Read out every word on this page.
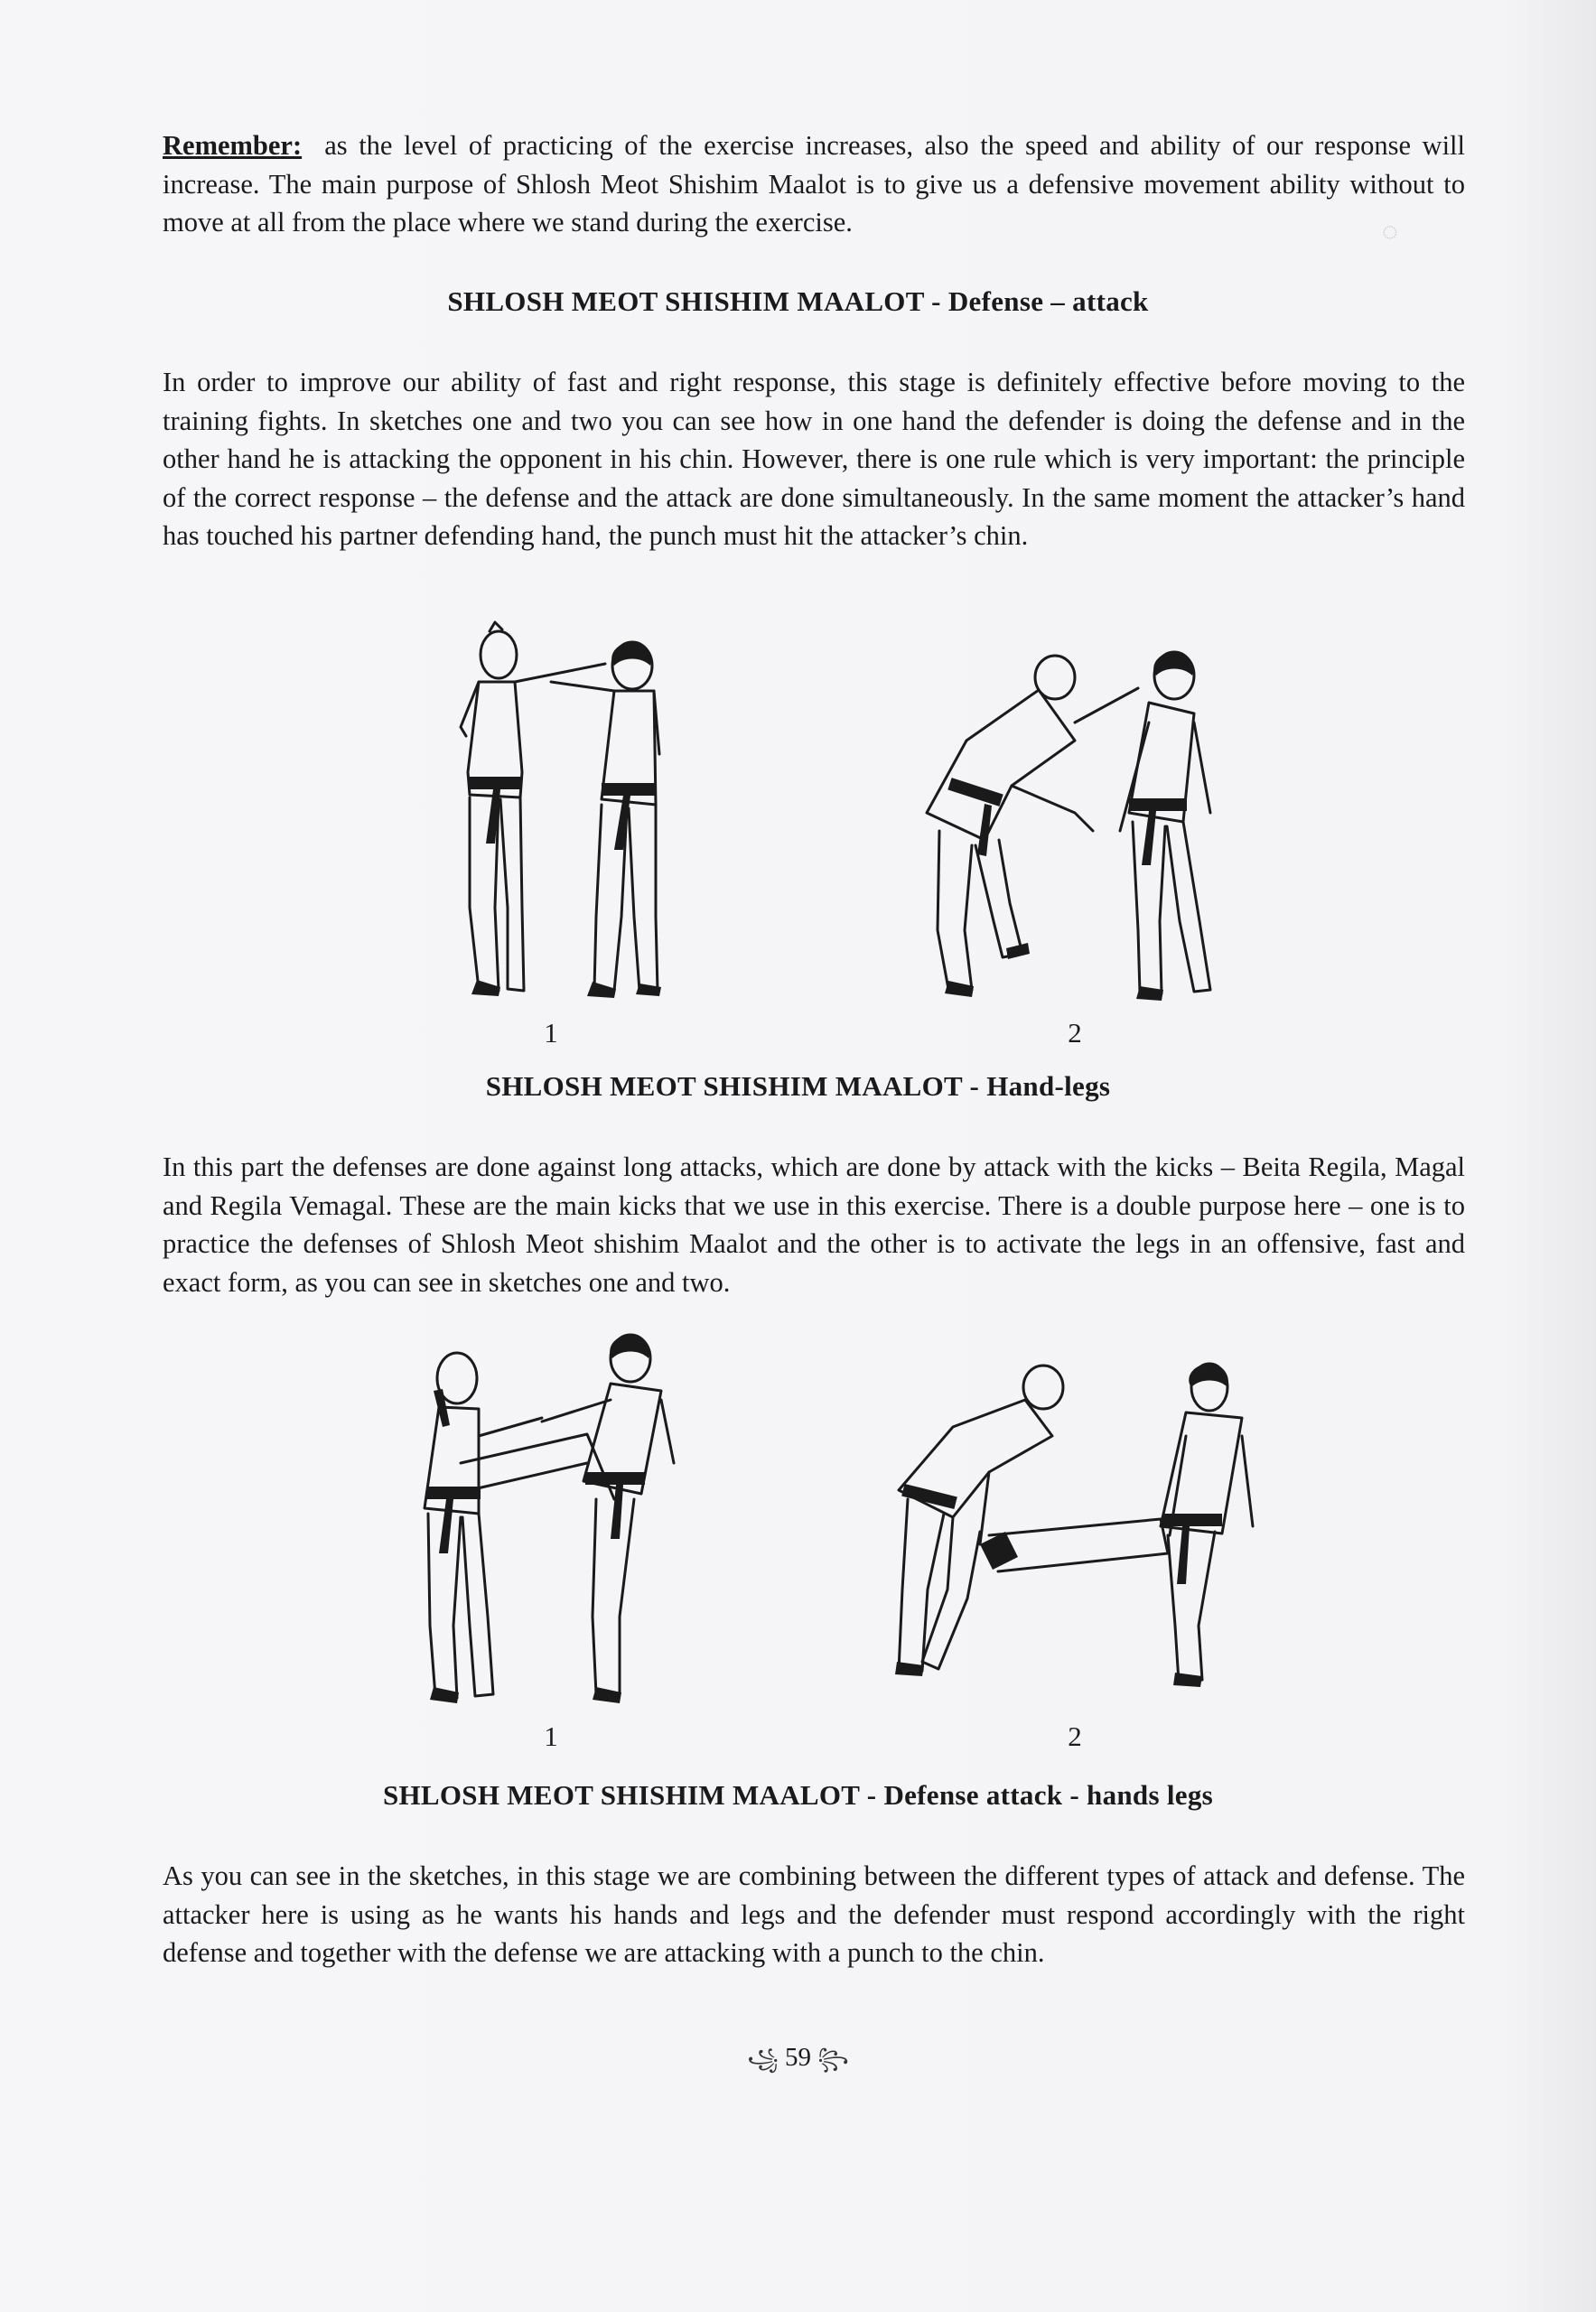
◌

Remember: as the level of practicing of the exercise increases, also the speed and ability of our response will increase. The main purpose of Shlosh Meot Shishim Maalot is to give us a defensive movement ability without to move at all from the place where we stand during the exercise.

SHLOSH MEOT SHISHIM MAALOT - Defense – attack

In order to improve our ability of fast and right response, this stage is definitely effective before moving to the training fights. In sketches one and two you can see how in one hand the defender is doing the defense and in the other hand he is attacking the opponent in his chin. However, there is one rule which is very important: the principle of the correct response – the defense and the attack are done simultaneously. In the same moment the attacker’s hand has touched his partner defending hand, the punch must hit the attacker’s chin.

1	2
SHLOSH MEOT SHISHIM MAALOT - Hand-legs

In this part the defenses are done against long attacks, which are done by attack with the kicks – Beita Regila, Magal and Regila Vemagal. These are the main kicks that we use in this exercise. There is a double purpose here – one is to practice the defenses of Shlosh Meot shishim Maalot and the other is to activate the legs in an offensive, fast and exact form, as you can see in sketches one and two.

1	2
SHLOSH MEOT SHISHIM MAALOT - Defense attack - hands legs

As you can see in the sketches, in this stage we are combining between the different types of attack and defense. The attacker here is using as he wants his hands and legs and the defender must respond accordingly with the right defense and together with the defense we are attacking with a punch to the chin.

꧁ 59 ꧂
